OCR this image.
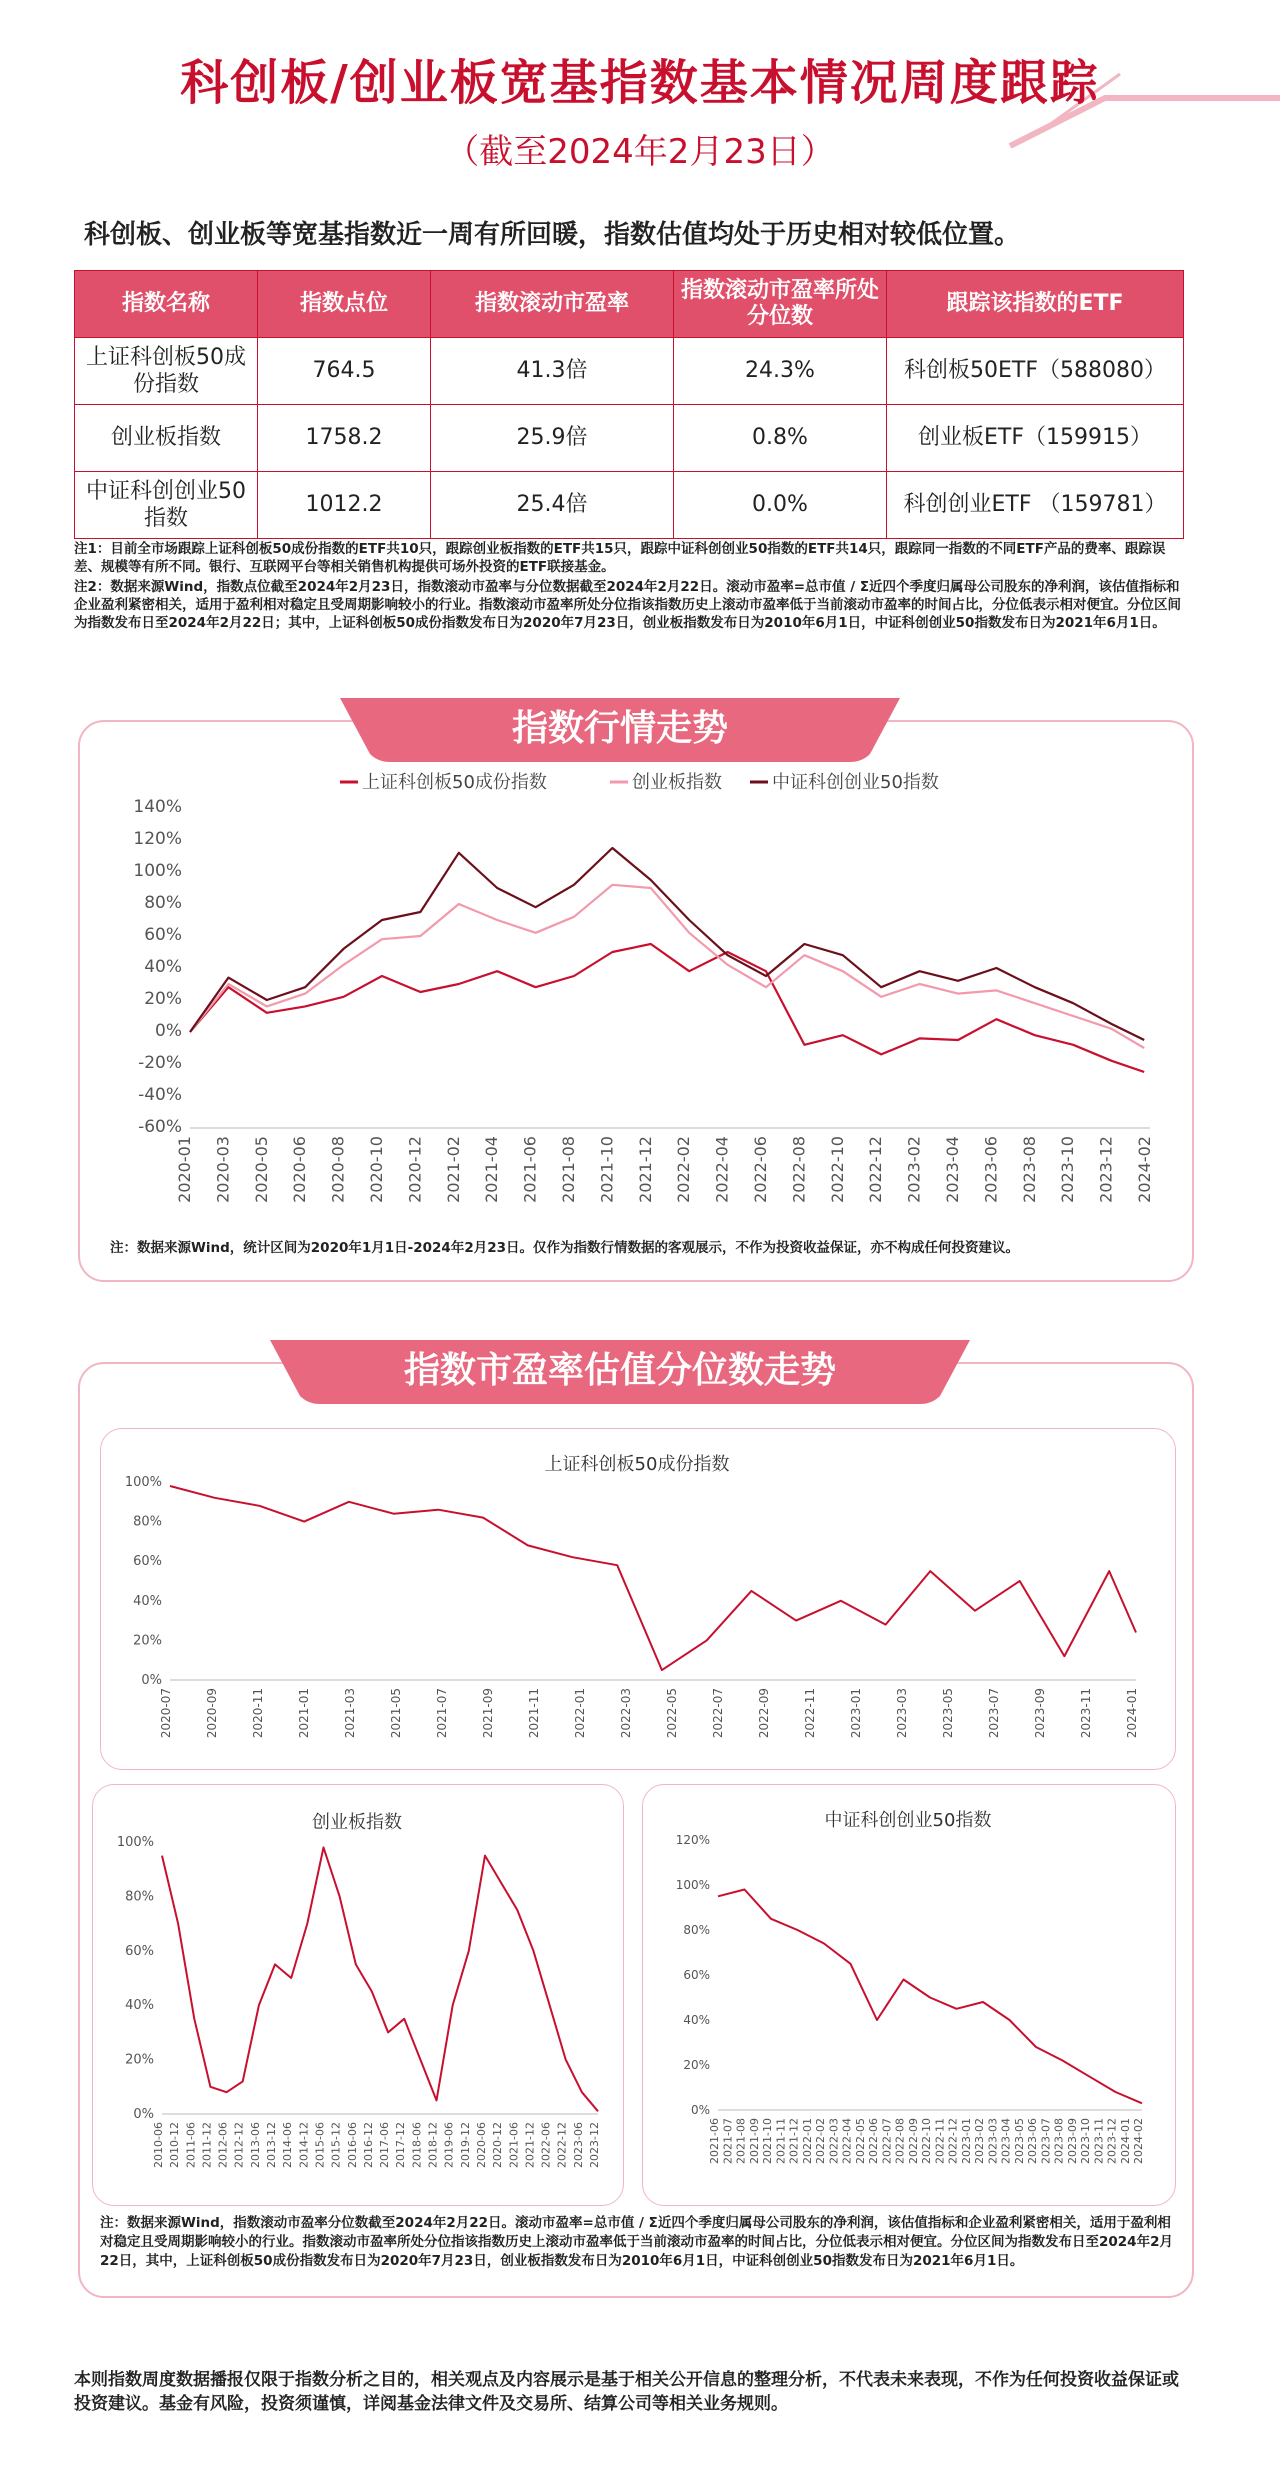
科创板/创业板宽基指数基本情况周度跟踪
（截至2024年2月23日）
科创板、创业板等宽基指数近一周有所回暖，指数估值均处于历史相对较低位置。
指数名称	指数点位	指数滚动市盈率	指数滚动市盈率所处分位数	跟踪该指数的ETF
上证科创板50成份指数	764.5	41.3倍	24.3%	科创板50ETF（588080）
创业板指数	1758.2	25.9倍	0.8%	创业板ETF（159915）
中证科创创业50指数	1012.2	25.4倍	0.0%	科创创业ETF （159781）
注1：目前全市场跟踪上证科创板50成份指数的ETF共10只，跟踪创业板指数的ETF共15只，跟踪中证科创创业50指数的ETF共14只，跟踪同一指数的不同ETF产品的费率、跟踪误差、规模等有所不同。银行、互联网平台等相关销售机构提供可场外投资的ETF联接基金。
注2：数据来源Wind，指数点位截至2024年2月23日，指数滚动市盈率与分位数据截至2024年2月22日。滚动市盈率=总市值 / Σ近四个季度归属母公司股东的净利润，该估值指标和企业盈利紧密相关，适用于盈利相对稳定且受周期影响较小的行业。指数滚动市盈率所处分位指该指数历史上滚动市盈率低于当前滚动市盈率的时间占比，分位低表示相对便宜。分位区间为指数发布日至2024年2月22日；其中，上证科创板50成份指数发布日为2020年7月23日，创业板指数发布日为2010年6月1日，中证科创创业50指数发布日为2021年6月1日。
指数行情走势
上证科创板50成份指数	创业板指数	中证科创创业50指数
140%
120%
100%
80%
60%
40%
20%
0%
-20%
-40%
-60%
2020-01 2020-03 2020-05 2020-06 2020-08 2020-10 2020-12 2021-02 2021-04 2021-06 2021-08 2021-10 2021-12 2022-02 2022-04 2022-06 2022-08 2022-10 2022-12 2023-02 2023-04 2023-06 2023-08 2023-10 2023-12 2024-02
注：数据来源Wind，统计区间为2020年1月1日-2024年2月23日。仅作为指数行情数据的客观展示，不作为投资收益保证，亦不构成任何投资建议。
指数市盈率估值分位数走势
上证科创板50成份指数
100%
80%
60%
40%
20%
0%
2020-07	2020-09	2020-11	2021-01	2021-03	2021-05	2021-07	2021-09	2021-11	2022-01	2022-03	2022-05	2022-07	2022-09	2022-11	2023-01	2023-03	2023-05	2023-07	2023-09	2023-11	2024-01
创业板指数
100%
80%
60%
40%
20%
0%
2010-06 2010-12 2011-06 2011-12 2012-06 2012-12 2013-06 2013-12 2014-06 2014-12 2015-06 2015-12 2016-06 2016-12 2017-06 2017-12 2018-06 2018-12 2019-06 2019-12 2020-06 2020-12 2021-06 2021-12 2022-06 2022-12 2023-06 2023-12
中证科创创业50指数
120%
100%
80%
60%
40%
20%
0%
2021-06 2021-07 2021-08 2021-09 2021-10 2021-11 2021-12 2022-01 2022-02 2022-03 2022-04 2022-05 2022-06 2022-07 2022-08 2022-09 2022-10 2022-11 2022-12 2023-01 2023-02 2023-03 2023-04 2023-05 2023-06 2023-07 2023-08 2023-09 2023-10 2023-11 2023-12 2024-01 2024-02
注：数据来源Wind，指数滚动市盈率分位数截至2024年2月22日。滚动市盈率=总市值 / Σ近四个季度归属母公司股东的净利润，该估值指标和企业盈利紧密相关，适用于盈利相对稳定且受周期影响较小的行业。指数滚动市盈率所处分位指该指数历史上滚动市盈率低于当前滚动市盈率的时间占比，分位低表示相对便宜。分位区间为指数发布日至2024年2月22日，其中，上证科创板50成份指数发布日为2020年7月23日，创业板指数发布日为2010年6月1日，中证科创创业50指数发布日为2021年6月1日。
本则指数周度数据播报仅限于指数分析之目的，相关观点及内容展示是基于相关公开信息的整理分析，不代表未来表现，不作为任何投资收益保证或投资建议。基金有风险，投资须谨慎，详阅基金法律文件及交易所、结算公司等相关业务规则。
